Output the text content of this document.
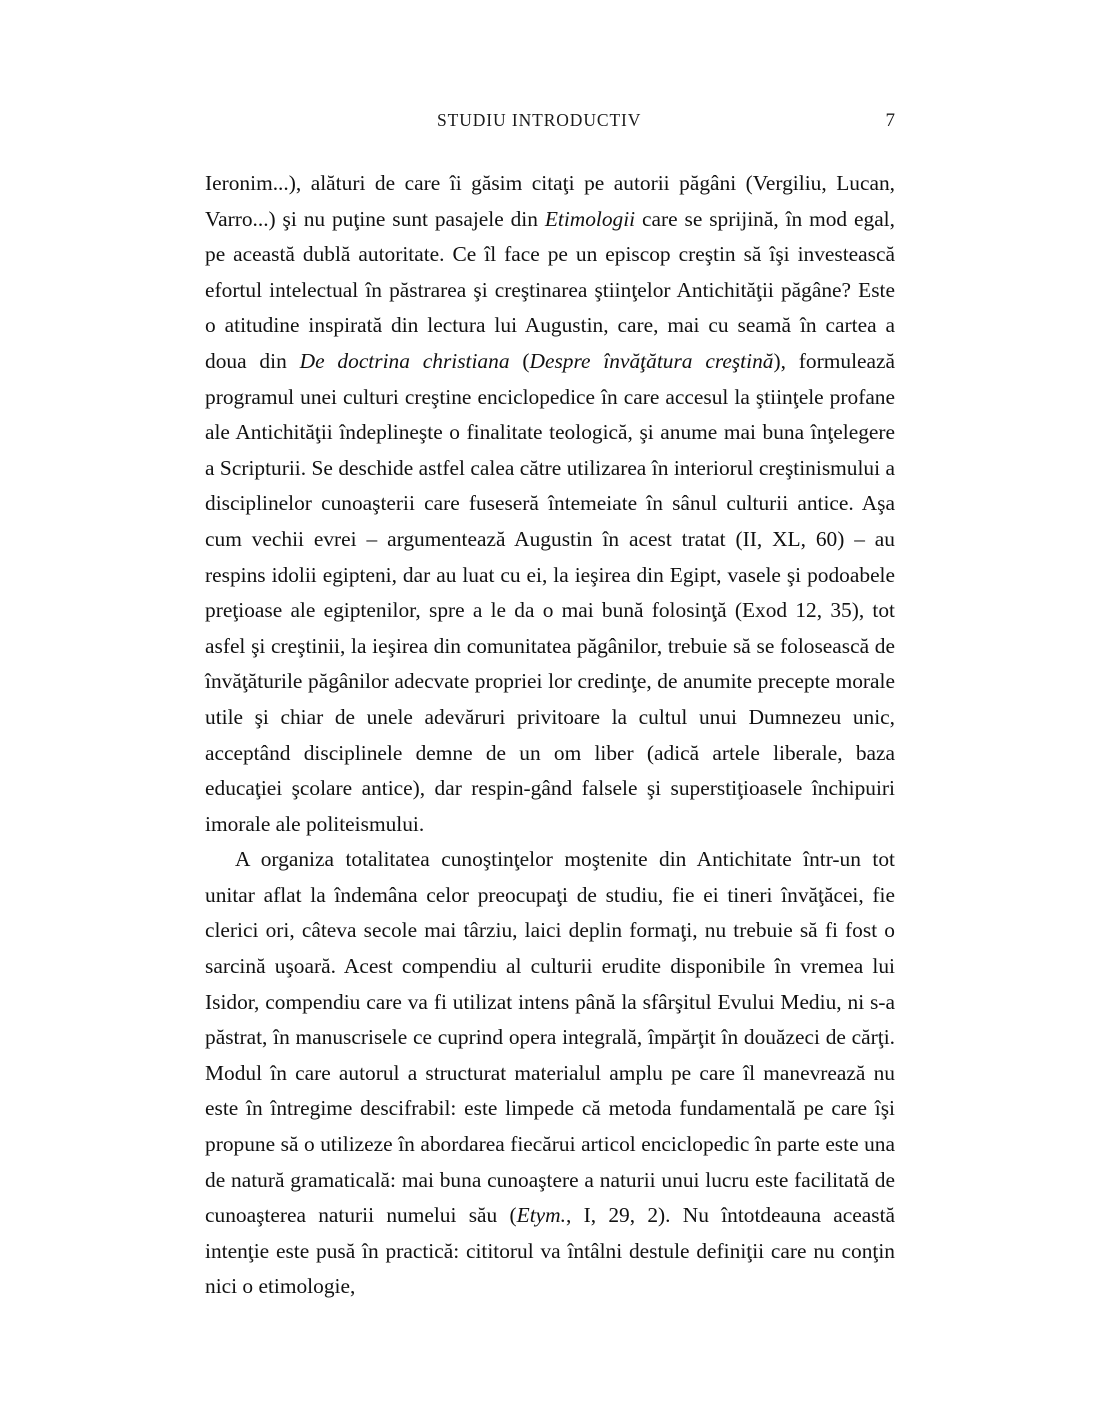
STUDIU INTRODUCTIV	7

Ieronim...), alături de care îi găsim citaţi pe autorii păgâni (Vergiliu, Lucan, Varro...) şi nu puţine sunt pasajele din Etimologii care se sprijină, în mod egal, pe această dublă autoritate. Ce îl face pe un episcop creştin să îşi investească efortul intelectual în păstrarea şi creştinarea ştiinţelor Antichităţii păgâne? Este o atitudine inspirată din lectura lui Augustin, care, mai cu seamă în cartea a doua din De doctrina christiana (Despre învăţătura creştină), formulează programul unei culturi creştine enciclopedice în care accesul la ştiinţele profane ale Antichităţii îndeplineşte o finalitate teologică, şi anume mai buna înţelegere a Scripturii. Se deschide astfel calea către utilizarea în interiorul creştinismului a disciplinelor cunoaşterii care fuseseră întemeiate în sânul culturii antice. Aşa cum vechii evrei – argumentează Augustin în acest tratat (II, XL, 60) – au respins idolii egipteni, dar au luat cu ei, la ieşirea din Egipt, vasele şi podoabele preţioase ale egiptenilor, spre a le da o mai bună folosinţă (Exod 12, 35), tot asfel şi creştinii, la ieşirea din comunitatea păgânilor, trebuie să se folosească de învăţăturile păgânilor adecvate propriei lor credinţe, de anumite precepte morale utile şi chiar de unele adevăruri privitoare la cultul unui Dumnezeu unic, acceptând disciplinele demne de un om liber (adică artele liberale, baza educaţiei şcolare antice), dar respin-gând falsele şi superstiţioasele închipuiri imorale ale politeismului.

A organiza totalitatea cunoştinţelor moştenite din Antichitate într-un tot unitar aflat la îndemâna celor preocupaţi de studiu, fie ei tineri învăţăcei, fie clerici ori, câteva secole mai târziu, laici deplin formaţi, nu trebuie să fi fost o sarcină uşoară. Acest compendiu al culturii erudite disponibile în vremea lui Isidor, compendiu care va fi utilizat intens până la sfârşitul Evului Mediu, ni s-a păstrat, în manuscrisele ce cuprind opera integrală, împărţit în douăzeci de cărţi. Modul în care autorul a structurat materialul amplu pe care îl manevrează nu este în întregime descifrabil: este limpede că metoda fundamentală pe care îşi propune să o utilizeze în abordarea fiecărui articol enciclopedic în parte este una de natură gramaticală: mai buna cunoaştere a naturii unui lucru este facilitată de cunoaşterea naturii numelui său (Etym., I, 29, 2). Nu întotdeauna această intenţie este pusă în practică: cititorul va întâlni destule definiţii care nu conţin nici o etimologie,
